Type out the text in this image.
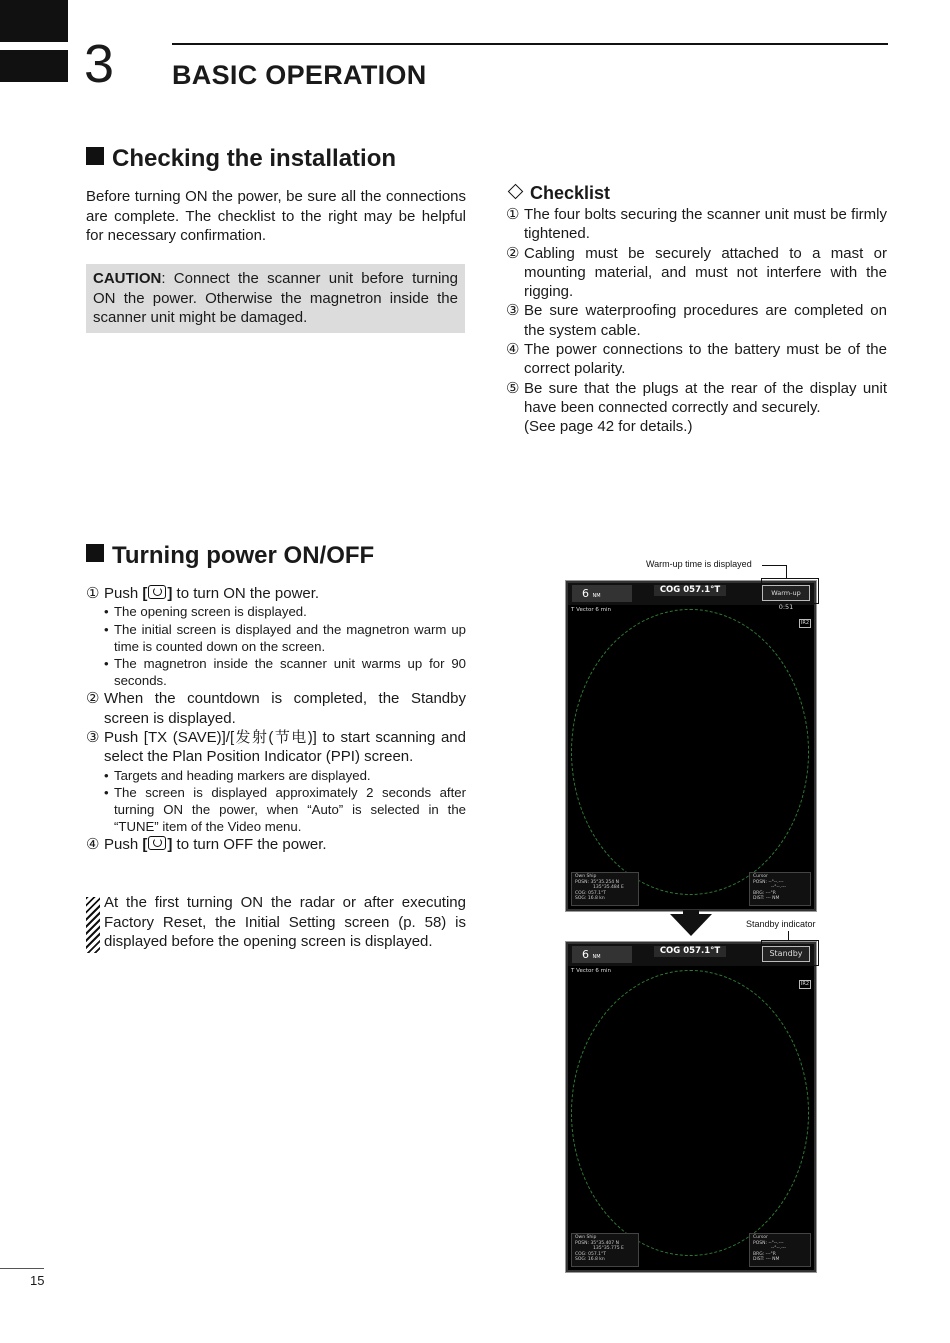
3 BASIC OPERATION
Checking the installation
Before turning ON the power, be sure all the connections are complete. The checklist to the right may be helpful for necessary confirmation.
CAUTION: Connect the scanner unit before turning ON the power. Otherwise the magnetron inside the scanner unit might be damaged.
Checklist
① The four bolts securing the scanner unit must be firmly tightened.
② Cabling must be securely attached to a mast or mounting material, and must not interfere with the rigging.
③ Be sure waterproofing procedures are completed on the system cable.
④ The power connections to the battery must be of the correct polarity.
⑤ Be sure that the plugs at the rear of the display unit have been connected correctly and securely.
(See page 42 for details.)
Turning power ON/OFF
① Push [ ] to turn ON the power.
• The opening screen is displayed.
• The initial screen is displayed and the magnetron warm up time is counted down on the screen.
• The magnetron inside the scanner unit warms up for 90 seconds.
② When the countdown is completed, the Standby screen is displayed.
③ Push [TX (SAVE)]/[发射(节电)] to start scanning and select the Plan Position Indicator (PPI) screen.
• Targets and heading markers are displayed.
• The screen is displayed approximately 2 seconds after turning ON the power, when “Auto” is selected in the “TUNE” item of the Video menu.
④ Push [ ] to turn OFF the power.
At the first turning ON the radar or after executing Factory Reset, the Initial Setting screen (p. 58) is displayed before the opening screen is displayed.
Warm-up time is displayed
Standby indicator
6 NM
COG 057.1°T	Warm-up 0:51
T Vector 6 min
IR2
Own Ship
POSN: 35°35.254 N
135°35.484 E
COG: 057.1°T
SOG: 16.8 kn
Cursor
POSN: --°--.---
--°--.---
BRG: ---°R
DIST: --- NM
6 NM
COG 057.1°T	Standby
T Vector 6 min
IR2
Own Ship
POSN: 35°35.407 N
135°35.775 E
COG: 057.1°T
SOG: 16.8 kn
Cursor
POSN: --°--.---
--°--.---
BRG: ---°R
DIST: --- NM
15
